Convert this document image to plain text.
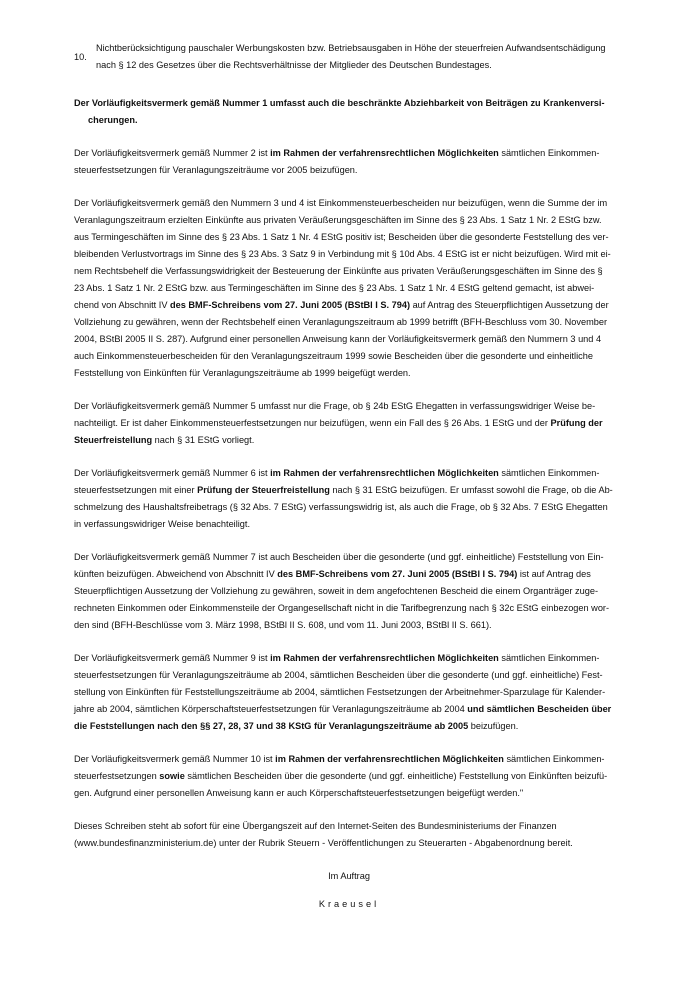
10.
Nichtberücksichtigung pauschaler Werbungskosten bzw. Betriebsausgaben in Höhe der steuerfreien Aufwandsentschädigung
nach § 12 des Gesetzes über die Rechtsverhältnisse der Mitglieder des Deutschen Bundestages.

Der Vorläufigkeitsvermerk gemäß Nummer 1 umfasst auch die beschränkte Abziehbarkeit von Beiträgen zu Krankenversi-
cherungen.

Der Vorläufigkeitsvermerk gemäß Nummer 2 ist im Rahmen der verfahrensrechtlichen Möglichkeiten sämtlichen Einkommen-
steuerfestsetzungen für Veranlagungszeiträume vor 2005 beizufügen.

Der Vorläufigkeitsvermerk gemäß den Nummern 3 und 4 ist Einkommensteuerbescheiden nur beizufügen, wenn die Summe der im
Veranlagungszeitraum erzielten Einkünfte aus privaten Veräußerungsgeschäften im Sinne des § 23 Abs. 1 Satz 1 Nr. 2 EStG bzw.
aus Termingeschäften im Sinne des § 23 Abs. 1 Satz 1 Nr. 4 EStG positiv ist; Bescheiden über die gesonderte Feststellung des ver-
bleibenden Verlustvortrags im Sinne des § 23 Abs. 3 Satz 9 in Verbindung mit § 10d Abs. 4 EStG ist er nicht beizufügen. Wird mit ei-
nem Rechtsbehelf die Verfassungswidrigkeit der Besteuerung der Einkünfte aus privaten Veräußerungsgeschäften im Sinne des §
23 Abs. 1 Satz 1 Nr. 2 EStG bzw. aus Termingeschäften im Sinne des § 23 Abs. 1 Satz 1 Nr. 4 EStG geltend gemacht, ist abwei-
chend von Abschnitt IV des BMF-Schreibens vom 27. Juni 2005 (BStBl I S. 794) auf Antrag des Steuerpflichtigen Aussetzung der
Vollziehung zu gewähren, wenn der Rechtsbehelf einen Veranlagungszeitraum ab 1999 betrifft (BFH-Beschluss vom 30. November
2004, BStBl 2005 II S. 287). Aufgrund einer personellen Anweisung kann der Vorläufigkeitsvermerk gemäß den Nummern 3 und 4
auch Einkommensteuerbescheiden für den Veranlagungszeitraum 1999 sowie Bescheiden über die gesonderte und einheitliche
Feststellung von Einkünften für Veranlagungszeiträume ab 1999 beigefügt werden.

Der Vorläufigkeitsvermerk gemäß Nummer 5 umfasst nur die Frage, ob § 24b EStG Ehegatten in verfassungswidriger Weise be-
nachteiligt. Er ist daher Einkommensteuerfestsetzungen nur beizufügen, wenn ein Fall des § 26 Abs. 1 EStG und der Prüfung der
Steuerfreistellung nach § 31 EStG vorliegt.

Der Vorläufigkeitsvermerk gemäß Nummer 6 ist im Rahmen der verfahrensrechtlichen Möglichkeiten sämtlichen Einkommen-
steuerfestsetzungen mit einer Prüfung der Steuerfreistellung nach § 31 EStG beizufügen. Er umfasst sowohl die Frage, ob die Ab-
schmelzung des Haushaltsfreibetrags (§ 32 Abs. 7 EStG) verfassungswidrig ist, als auch die Frage, ob § 32 Abs. 7 EStG Ehegatten
in verfassungswidriger Weise benachteiligt.

Der Vorläufigkeitsvermerk gemäß Nummer 7 ist auch Bescheiden über die gesonderte (und ggf. einheitliche) Feststellung von Ein-
künften beizufügen. Abweichend von Abschnitt IV des BMF-Schreibens vom 27. Juni 2005 (BStBl I S. 794) ist auf Antrag des
Steuerpflichtigen Aussetzung der Vollziehung zu gewähren, soweit in dem angefochtenen Bescheid die einem Organträger zuge-
rechneten Einkommen oder Einkommensteile der Organgesellschaft nicht in die Tarifbegrenzung nach § 32c EStG einbezogen wor-
den sind (BFH-Beschlüsse vom 3. März 1998, BStBl II S. 608, und vom 11. Juni 2003, BStBl II S. 661).

Der Vorläufigkeitsvermerk gemäß Nummer 9 ist im Rahmen der verfahrensrechtlichen Möglichkeiten sämtlichen Einkommen-
steuerfestsetzungen für Veranlagungszeiträume ab 2004, sämtlichen Bescheiden über die gesonderte (und ggf. einheitliche) Fest-
stellung von Einkünften für Feststellungszeiträume ab 2004, sämtlichen Festsetzungen der Arbeitnehmer-Sparzulage für Kalender-
jahre ab 2004, sämtlichen Körperschaftsteuerfestsetzungen für Veranlagungszeiträume ab 2004 und sämtlichen Bescheiden über
die Feststellungen nach den §§ 27, 28, 37 und 38 KStG für Veranlagungszeiträume ab 2005 beizufügen.

Der Vorläufigkeitsvermerk gemäß Nummer 10 ist im Rahmen der verfahrensrechtlichen Möglichkeiten sämtlichen Einkommen-
steuerfestsetzungen sowie sämtlichen Bescheiden über die gesonderte (und ggf. einheitliche) Feststellung von Einkünften beizufü-
gen. Aufgrund einer personellen Anweisung kann er auch Körperschaftsteuerfestsetzungen beigefügt werden."

Dieses Schreiben steht ab sofort für eine Übergangszeit auf den Internet-Seiten des Bundesministeriums der Finanzen
(www.bundesfinanzministerium.de) unter der Rubrik Steuern - Veröffentlichungen zu Steuerarten - Abgabenordnung bereit.

Im Auftrag
Kraeusel
